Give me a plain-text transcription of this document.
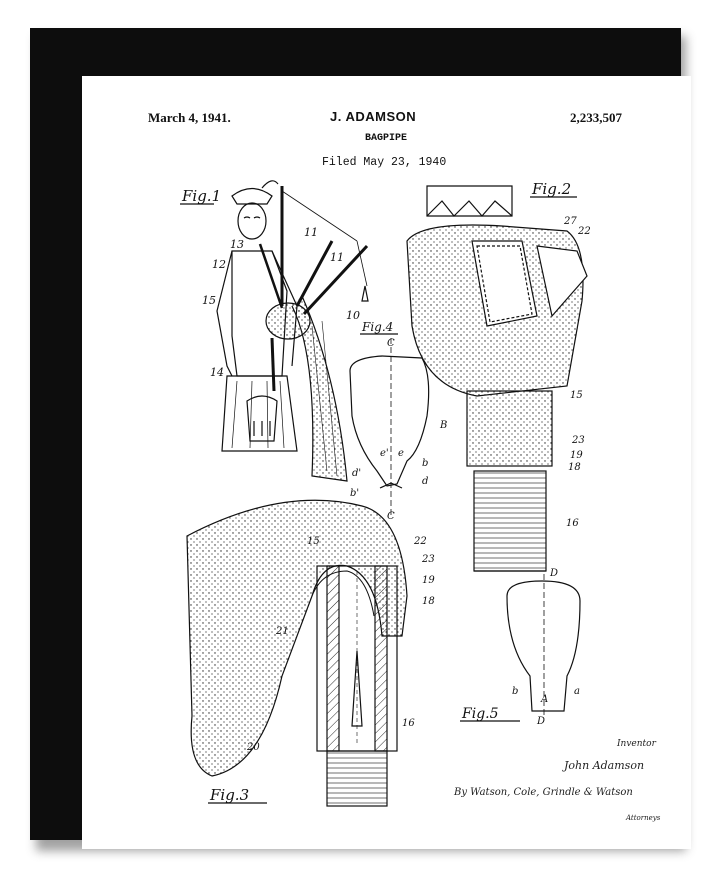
March 4, 1941.	J. ADAMSON	2,233,507
BAGPIPE
Filed May 23, 1940
Fig.1
13
12
15
14
11
11
10
Fig.4
C
B
e' e
b
d'
d
b'
C
Fig.2
27
22
15
23
19
18
16
Fig.3
15	22
23
19
18
21
16
20
D
b
A
a
D
Fig.5
Inventor
John Adamson
By Watson, Cole, Grindle & Watson
Attorneys
